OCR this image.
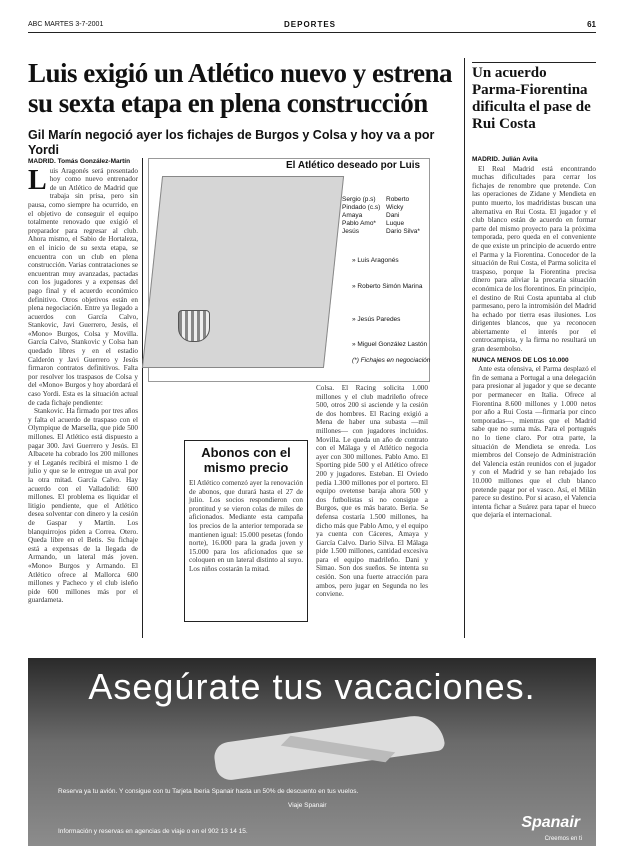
ABC MARTES 3-7-2001	DEPORTES	61
Luis exigió un Atlético nuevo y estrena su sexta etapa en plena construcción
Gil Marín negoció ayer los fichajes de Burgos y Colsa y hoy va a por Yordi
MADRID. Tomás González-Martín
L uis Aragonés será presentado hoy como nuevo entrenador de un Atlético de Madrid que trabaja sin prisa, pero sin pausa, como siempre ha ocurrido, en el objetivo de conseguir el equipo totalmente renovado que exigió el preparador para regresar al club. Ahora mismo, el Sabio de Hortaleza, en el inicio de su sexta etapa, se encuentra con un club en plena construcción. Varias contrataciones se encuentran muy avanzadas, pactadas con los jugadores y a expensas del pago final y el acuerdo económico definitivo. Otros objetivos están en plena negociación. Entre ya llegado a acuerdos con García Calvo, Stankovic, Javi Guerrero, Jesús, el «Mono» Burgos, Colsa y Movilla. García Calvo, Stankovic y Colsa han quedado libres y en el estadio Calderón y Javi Guerrero y Jesús firmaron contratos definitivos. Falta por resolver los traspasos de Colsa y del «Mono» Burgos y hoy abordará el caso Yordi. Esta es la situación actual de cada fichaje pendiente:

Stankovic. Ha firmado por tres años y falta el acuerdo de traspaso con el Olympique de Marsella, que pide 500 millones. El Atlético está dispuesto a pagar 300. Javi Guerrero y Jesús. El Albacete ha cobrado los 200 millones y el Leganés recibirá el mismo 1 de julio y que se le entregue un aval por la otra mitad. García Calvo. Hay acuerdo con el Valladolid: 600 millones. El problema es liquidar el litigio pendiente, que el Atlético desea solventar con dinero y la cesión de Gaspar y Martín. Los blanquirrojos piden a Correa. Otero. Queda libre en el Betis. Su fichaje está a expensas de la llegada de Armando, un lateral más joven. «Mono» Burgos y Armando. El Atlético ofrece al Mallorca 600 millones y Pacheco y el club isleño pide 600 millones más por el guardameta.

El Atlético deseado por Luis
Sergio (p.s)	Roberto
Pindado (c.s) Wicky
Amaya	Dani
Pablo Amo*	Luque
Jesús	Dario Silva*
» Luis Aragonés
» Roberto Simón Marina
» Jesús Paredes
» Miguel González Lastón
(*) Fichajes en negociación
Colsa. El Racing solicita 1.000 millones y el club madrileño ofrece 500, otros 200 si asciende y la cesión de dos hombres. El Racing exigió a Mena de haber una subasta —mil millones— con jugadores incluidos. Movilla. Le queda un año de contrato con el Málaga y el Atlético negocia ayer con 300 millones. Pablo Amo. El Sporting pide 500 y el Atlético ofrece 200 y jugadores. Esteban. El Oviedo pedía 1.300 millones por el portero. El equipo ovetense baraja ahora 500 y dos futbolistas si no consigue a Burgos, que es más barato. Beria. Se defensa costaría 1.500 millones, ha dicho más que Pablo Amo, y el equipo ya cuenta con Cáceres, Amaya y García Calvo. Dario Silva. El Málaga pide 1.500 millones, cantidad excesiva para el equipo madrileño. Dani y Simao. Son dos sueños. Se intenta su cesión. Son una fuerte atracción para ambos, pero jugar en Segunda no les conviene.
Abonos con el mismo precio
El Atlético comenzó ayer la renovación de abonos, que durará hasta el 27 de julio. Los socios respondieron con prontitud y se vieron colas de miles de aficionados. Mediante esta campaña los precios de la anterior temporada se mantienen igual: 15.000 pesetas (fondo norte), 16.000 para la grada joven y 15.000 para los aficionados que se coloquen en un lateral distinto al suyo. Los niños costarán la mitad.
Un acuerdo Parma-Fiorentina dificulta el pase de Rui Costa
MADRID. Julián Ávila

El Real Madrid está encontrando muchas dificultades para cerrar los fichajes de renombre que pretende. Con las operaciones de Zidane y Mendieta en punto muerto, los madridistas buscan una alternativa en Rui Costa. El jugador y el club blanco están de acuerdo en formar parte del mismo proyecto para la próxima temporada, pero queda en el conveniente de que existe un principio de acuerdo entre el Parma y la Fiorentina. Conocedor de la situación de Rui Costa, el Parma solicita el traspaso, porque la Fiorentina precisa dinero para aliviar la precaria situación económica de los florentinos. En principio, el destino de Rui Costa apuntaba al club parmesano, pero la intromisión del Madrid ha echado por tierra esas ilusiones. Los dirigentes blancos, que ya reconocen abiertamente el interés por el centrocampista, y la firma no resultará un gran desembolso.

NUNCA MENOS DE LOS 10.000

Ante esta ofensiva, el Parma desplazó el fin de semana a Portugal a una delegación para presionar al jugador y que se decante por permanecer en Italia. Ofrece al Fiorentina 8.600 millones y 1.000 netos por año a Rui Costa —firmaría por cinco temporadas—, mientras que el Madrid sabe que no suma más. Para el portugués no lo tiene claro. Por otra parte, la situación de Mendieta se enreda. Los miembros del Consejo de Administración del Valencia están reunidos con el jugador y con el Madrid y se han rebajado los 10.000 millones que el club blanco pretende pagar por el vasco. Así, el Milán parece su destino. Por si acaso, el Valencia intenta fichar a Suárez para tapar el hueco que dejaría el internacional.

Asegúrate tus vacaciones.
Reserva ya tu avión. Y consigue con tu Tarjeta Iberia Spanair hasta un 50% de descuento en tus vuelos.
Viaje Spanair
Información y reservas en agencias de viaje o en el 902 13 14 15.
Spanair
Creemos en ti
